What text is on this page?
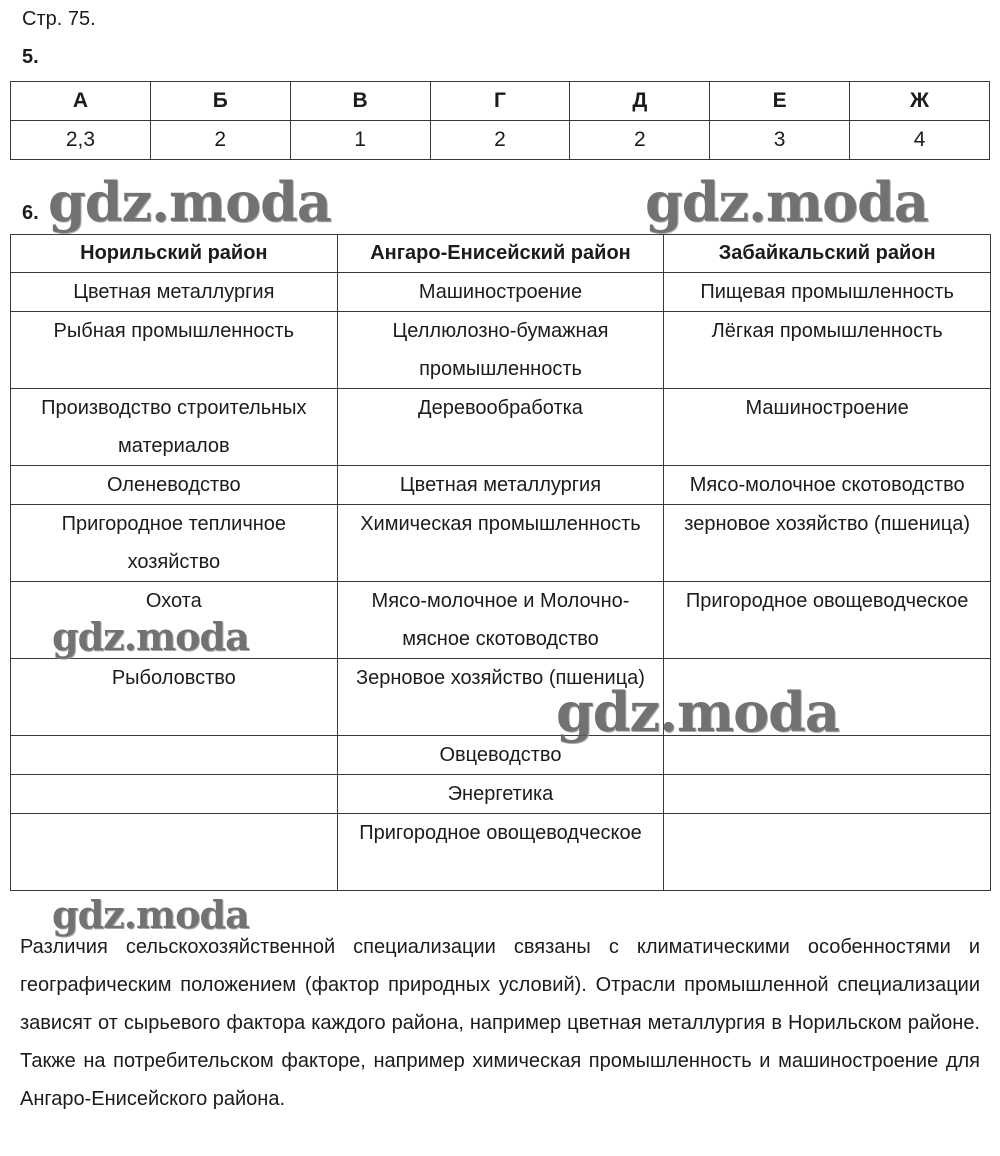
Стр. 75.
5.
А	Б	В	Г	Д	Е	Ж
2,3	2	1	2	2	3	4
6.
Норильский район	Ангаро-Енисейский район	Забайкальский район
Цветная металлургия	Машиностроение	Пищевая промышленность
Рыбная промышленность	Целлюлозно-бумажная промышленность	Лёгкая промышленность
Производство строительных материалов	Деревообработка	Машиностроение
Оленеводство	Цветная металлургия	Мясо-молочное скотоводство
Пригородное тепличное хозяйство	Химическая промышленность	зерновое хозяйство (пшеница)
Охота	Мясо-молочное и Молочно-мясное скотоводство	Пригородное овощеводческое
Рыболовство	Зерновое хозяйство (пшеница)	
	Овцеводство	
	Энергетика	
	Пригородное овощеводческое	
Различия сельскохозяйственной специализации связаны с климатическими особенностями и географическим положением (фактор природных условий). Отрасли промышленной специализации зависят от сырьевого фактора каждого района, например цветная металлургия в Норильском районе. Также на потребительском факторе, например химическая промышленность и машиностроение для Ангаро-Енисейского района.
gdz.moda	gdz.moda
gdz.moda
gdz.moda
gdz.moda
